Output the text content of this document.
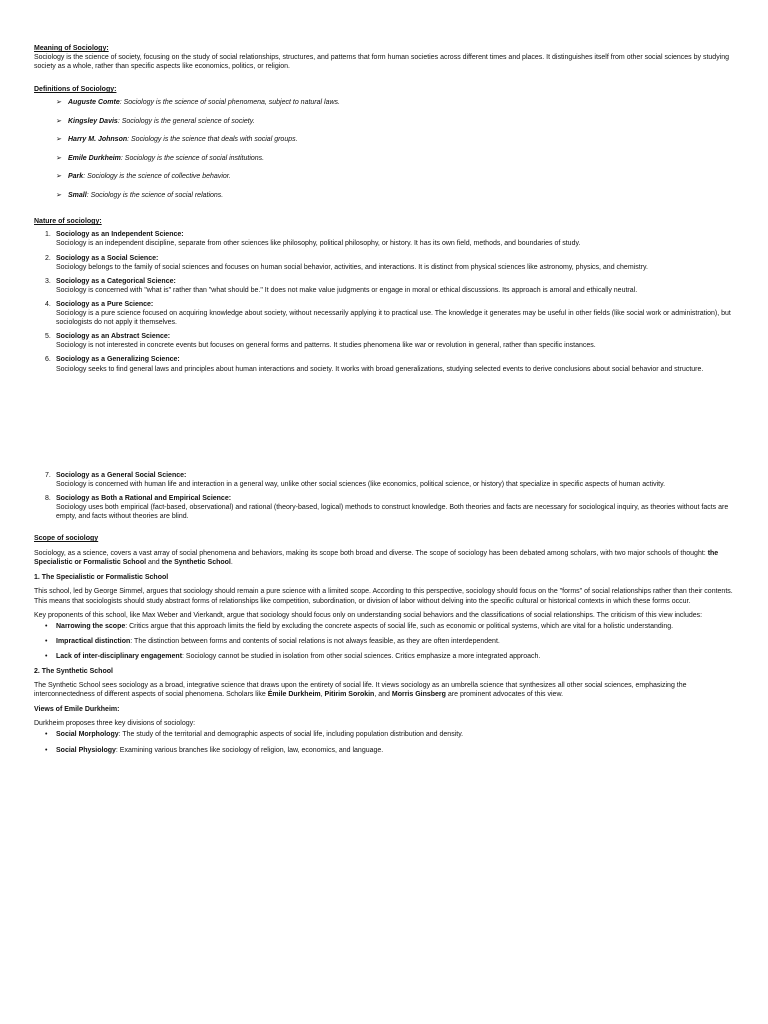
Meaning of Sociology:

Sociology is the science of society, focusing on the study of social relationships, structures, and patterns that form human societies across different times and places. It distinguishes itself from other social sciences by studying society as a whole, rather than specific aspects like economics, politics, or religion.

Definitions of Sociology:

➢ Auguste Comte: Sociology is the science of social phenomena, subject to natural laws.
➢ Kingsley Davis: Sociology is the general science of society.
➢ Harry M. Johnson: Sociology is the science that deals with social groups.
➢ Emile Durkheim: Sociology is the science of social institutions.
➢ Park: Sociology is the science of collective behavior.
➢ Small: Sociology is the science of social relations.

Nature of sociology:

1. Sociology as an Independent Science:
Sociology is an independent discipline, separate from other sciences like philosophy, political philosophy, or history. It has its own field, methods, and boundaries of study.
2. Sociology as a Social Science:
Sociology belongs to the family of social sciences and focuses on human social behavior, activities, and interactions. It is distinct from physical sciences like astronomy, physics, and chemistry.
3. Sociology as a Categorical Science:
Sociology is concerned with "what is" rather than "what should be." It does not make value judgments or engage in moral or ethical discussions. Its approach is amoral and ethically neutral.
4. Sociology as a Pure Science:
Sociology is a pure science focused on acquiring knowledge about society, without necessarily applying it to practical use. The knowledge it generates may be useful in other fields (like social work or administration), but sociologists do not apply it themselves.
5. Sociology as an Abstract Science:
Sociology is not interested in concrete events but focuses on general forms and patterns. It studies phenomena like war or revolution in general, rather than specific instances.
6. Sociology as a Generalizing Science:
Sociology seeks to find general laws and principles about human interactions and society. It works with broad generalizations, studying selected events to derive conclusions about social behavior and structure.
7. Sociology as a General Social Science:
Sociology is concerned with human life and interaction in a general way, unlike other social sciences (like economics, political science, or history) that specialize in specific aspects of human activity.
8. Sociology as Both a Rational and Empirical Science:
Sociology uses both empirical (fact-based, observational) and rational (theory-based, logical) methods to construct knowledge. Both theories and facts are necessary for sociological inquiry, as theories without facts are empty, and facts without theories are blind.

Scope of sociology

Sociology, as a science, covers a vast array of social phenomena and behaviors, making its scope both broad and diverse. The scope of sociology has been debated among scholars, with two major schools of thought: the Specialistic or Formalistic School and the Synthetic School.

1. The Specialistic or Formalistic School

This school, led by George Simmel, argues that sociology should remain a pure science with a limited scope. According to this perspective, sociology should focus on the "forms" of social relationships rather than their contents. This means that sociologists should study abstract forms of relationships like competition, subordination, or division of labor without delving into the specific cultural or historical contexts in which these forms occur.

Key proponents of this school, like Max Weber and Vierkandt, argue that sociology should focus only on understanding social behaviors and the classifications of social relationships. The criticism of this view includes:

• Narrowing the scope: Critics argue that this approach limits the field by excluding the concrete aspects of social life, such as economic or political systems, which are vital for a holistic understanding.
• Impractical distinction: The distinction between forms and contents of social relations is not always feasible, as they are often interdependent.
• Lack of inter-disciplinary engagement: Sociology cannot be studied in isolation from other social sciences. Critics emphasize a more integrated approach.

2. The Synthetic School

The Synthetic School sees sociology as a broad, integrative science that draws upon the entirety of social life. It views sociology as an umbrella science that synthesizes all other social sciences, emphasizing the interconnectedness of different aspects of social phenomena. Scholars like Émile Durkheim, Pitirim Sorokin, and Morris Ginsberg are prominent advocates of this view.

Views of Emile Durkheim:

Durkheim proposes three key divisions of sociology:

• Social Morphology: The study of the territorial and demographic aspects of social life, including population distribution and density.
• Social Physiology: Examining various branches like sociology of religion, law, economics, and language.
